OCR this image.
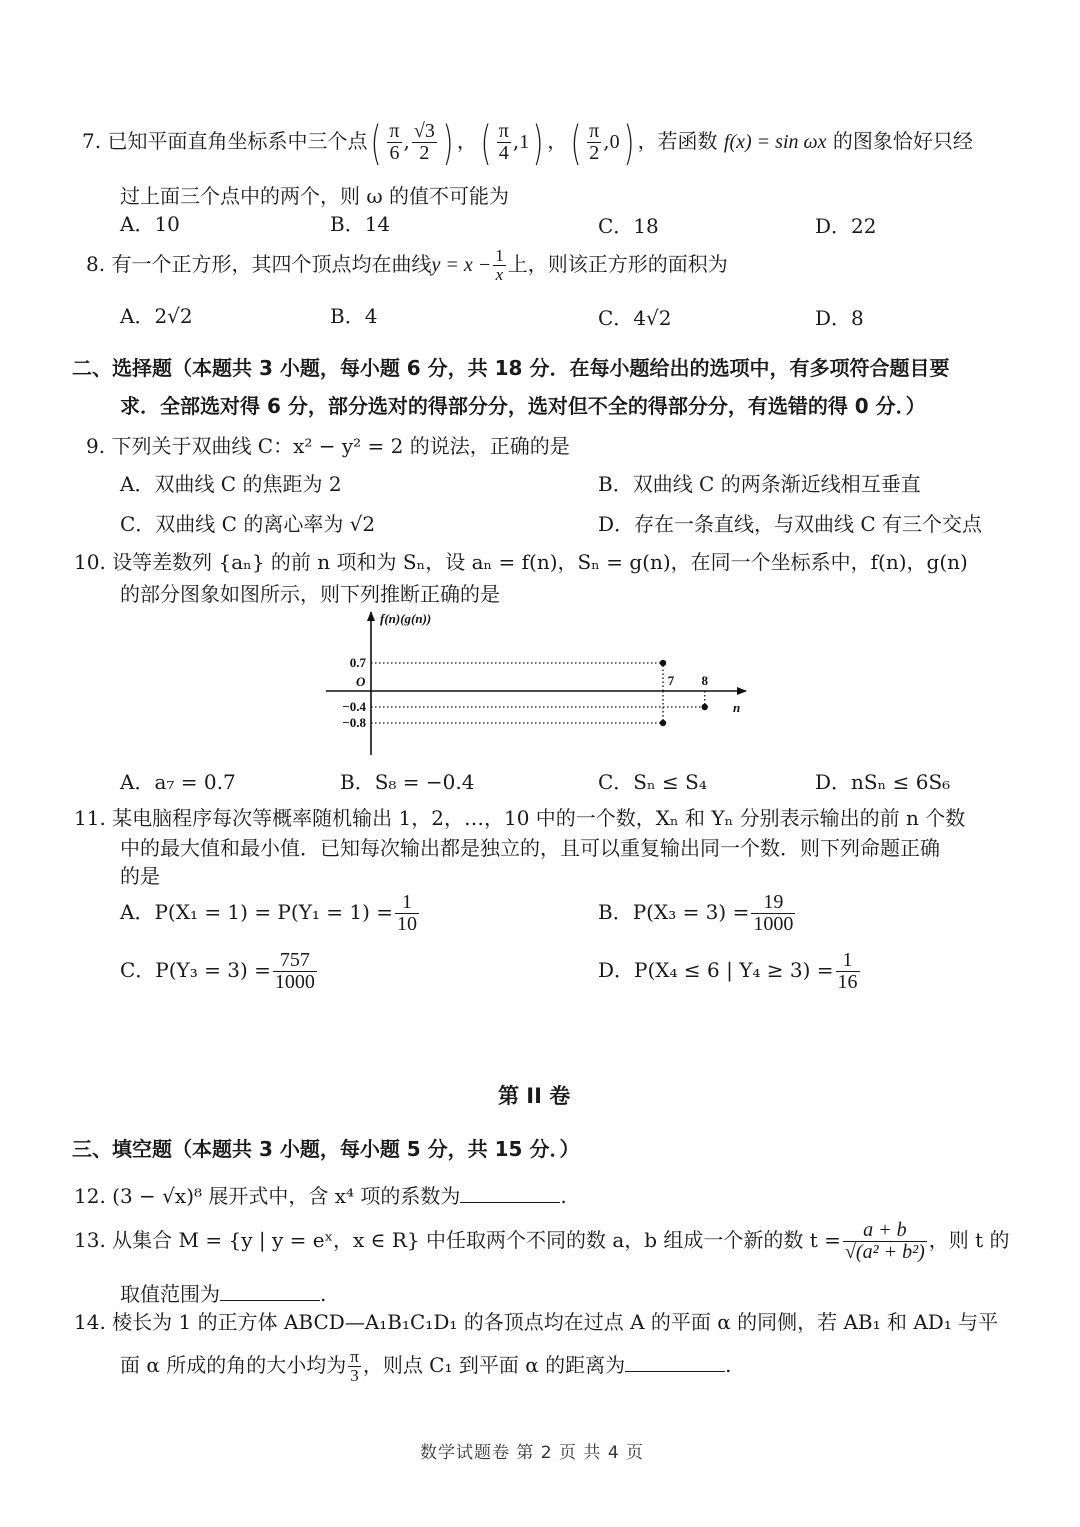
7. 已知平面直角坐标系中三个点( $\frac{\pi}{6}$ , $\frac{√3}{2}$ ) ，( $\frac{\pi}{4} ,1$) ，( $\frac{\pi}{2} ,0$) ，若函数 f(x) = sin ωx 的图象恰好只经
过上面三个点中的两个，则 ω 的值不可能为
A．10	B．14	C．18	D．22
8. 有一个正方形，其四个顶点均在曲线$y = x - \frac{1}{x}$ 上，则该正方形的面积为
A．2√2	B．4	C．4√2	D．8
二、选择题（本题共 3 小题，每小题 6 分，共 18 分．在每小题给出的选项中，有多项符合题目要
求．全部选对得 6 分，部分选对的得部分分，选对但不全的得部分分，有选错的得 0 分．）
9. 下列关于双曲线 C：x² − y² = 2 的说法，正确的是
A．双曲线 C 的焦距为 2	B．双曲线 C 的两条渐近线相互垂直
C．双曲线 C 的离心率为 √2	D．存在一条直线，与双曲线 C 有三个交点
10. 设等差数列 {aₙ} 的前 n 项和为 Sₙ，设 aₙ = f(n)，Sₙ = g(n)，在同一个坐标系中，f(n)，g(n)
的部分图象如图所示，则下列推断正确的是
f(n)(g(n))
n
O
0.7
−0.4
−0.8
7 8
A．a₇ = 0.7	B．S₈ = −0.4	C．Sₙ ≤ S₄	D．nSₙ ≤ 6S₆
11. 某电脑程序每次等概率随机输出 1，2，…，10 中的一个数，Xₙ 和 Yₙ 分别表示输出的前 n 个数
中的最大值和最小值．已知每次输出都是独立的，且可以重复输出同一个数．则下列命题正确
的是
A．$P(X_1 = 1) = P(Y_1 = 1) = \frac{1}{10}$	B．$P(X_3 = 3) = \frac{19}{1000}$
C．$P(Y_3 = 3) = \frac{757}{1000}$	D．P(X₄ ≤ 6 | $Y_4 \ge 3) = \frac{1}{16}$
第 II 卷
三、填空题（本题共 3 小题，每小题 5 分，共 15 分．）
12. (3 − √x)⁸ 展开式中，含 x⁴ 项的系数为	.
13. 从集合 M = {y | y = eˣ，x ∈ R} 中任取两个不同的数 a，b 组成一个新的数 $t = \frac{a + b}{\text{√(a² + b²)}}$ ，则 t 的
取值范围为	.
14. 棱长为 1 的正方体 ABCD—A₁B₁C₁D₁ 的各顶点均在过点 A 的平面 α 的同侧，若 AB₁ 和 AD₁ 与平
面 α 所成的角的大小均为 $\frac{\pi}{3}$ ，则点 C₁ 到平面 α 的距离为	.
数学试题卷 第 2 页 共 4 页
